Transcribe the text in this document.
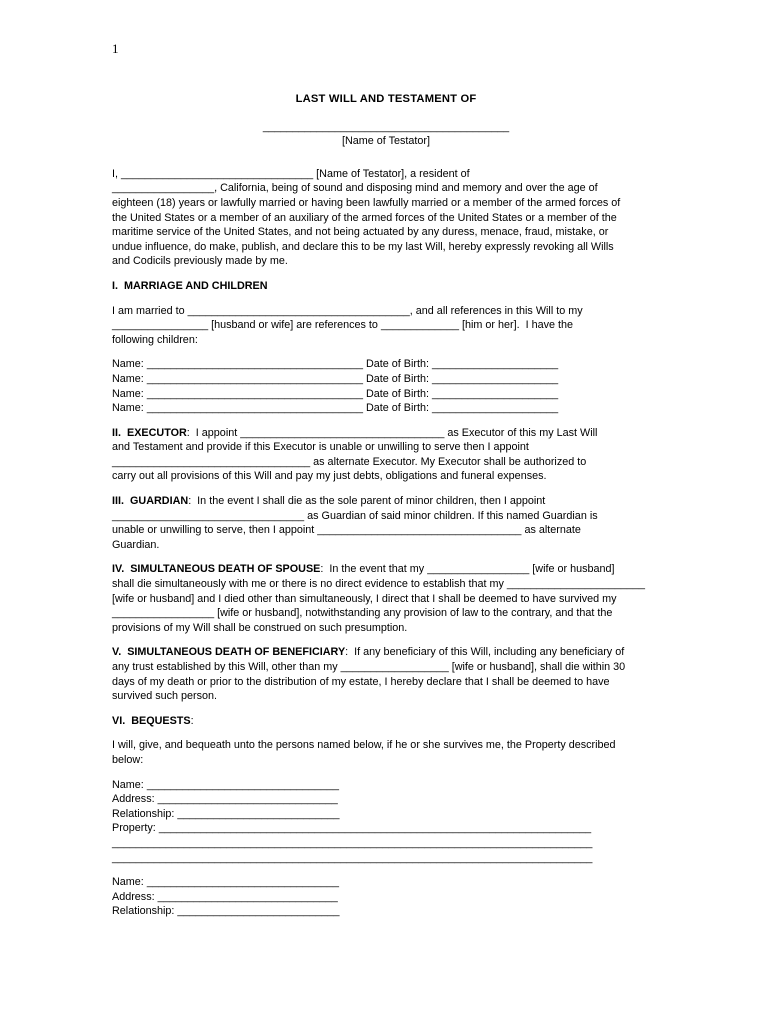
1
LAST WILL AND TESTAMENT OF
_________________________________________
[Name of Testator]
I, ________________________________ [Name of Testator], a resident of
_________________, California, being of sound and disposing mind and memory and over the age of
eighteen (18) years or lawfully married or having been lawfully married or a member of the armed forces of
the United States or a member of an auxiliary of the armed forces of the United States or a member of the
maritime service of the United States, and not being actuated by any duress, menace, fraud, mistake, or
undue influence, do make, publish, and declare this to be my last Will, hereby expressly revoking all Wills
and Codicils previously made by me.
I.  MARRIAGE AND CHILDREN
I am married to _____________________________________, and all references in this Will to my
________________ [husband or wife] are references to _____________ [him or her].  I have the
following children:
Name: ____________________________________ Date of Birth: _____________________
Name: ____________________________________ Date of Birth: _____________________
Name: ____________________________________ Date of Birth: _____________________
Name: ____________________________________ Date of Birth: _____________________
II.  EXECUTOR:  I appoint __________________________________ as Executor of this my Last Will
and Testament and provide if this Executor is unable or unwilling to serve then I appoint
_________________________________ as alternate Executor. My Executor shall be authorized to
carry out all provisions of this Will and pay my just debts, obligations and funeral expenses.
III.  GUARDIAN:  In the event I shall die as the sole parent of minor children, then I appoint
________________________________ as Guardian of said minor children. If this named Guardian is
unable or unwilling to serve, then I appoint __________________________________ as alternate
Guardian.
IV.  SIMULTANEOUS DEATH OF SPOUSE:  In the event that my _________________ [wife or husband]
shall die simultaneously with me or there is no direct evidence to establish that my _______________________
[wife or husband] and I died other than simultaneously, I direct that I shall be deemed to have survived my
_________________ [wife or husband], notwithstanding any provision of law to the contrary, and that the
provisions of my Will shall be construed on such presumption.
V.  SIMULTANEOUS DEATH OF BENEFICIARY:  If any beneficiary of this Will, including any beneficiary of
any trust established by this Will, other than my __________________ [wife or husband], shall die within 30
days of my death or prior to the distribution of my estate, I hereby declare that I shall be deemed to have
survived such person.
VI.  BEQUESTS:
I will, give, and bequeath unto the persons named below, if he or she survives me, the Property described
below:
Name: ________________________________
Address: ______________________________
Relationship: ___________________________
Property: ________________________________________________________________________
________________________________________________________________________________
________________________________________________________________________________
Name: ________________________________
Address: ______________________________
Relationship: ___________________________
